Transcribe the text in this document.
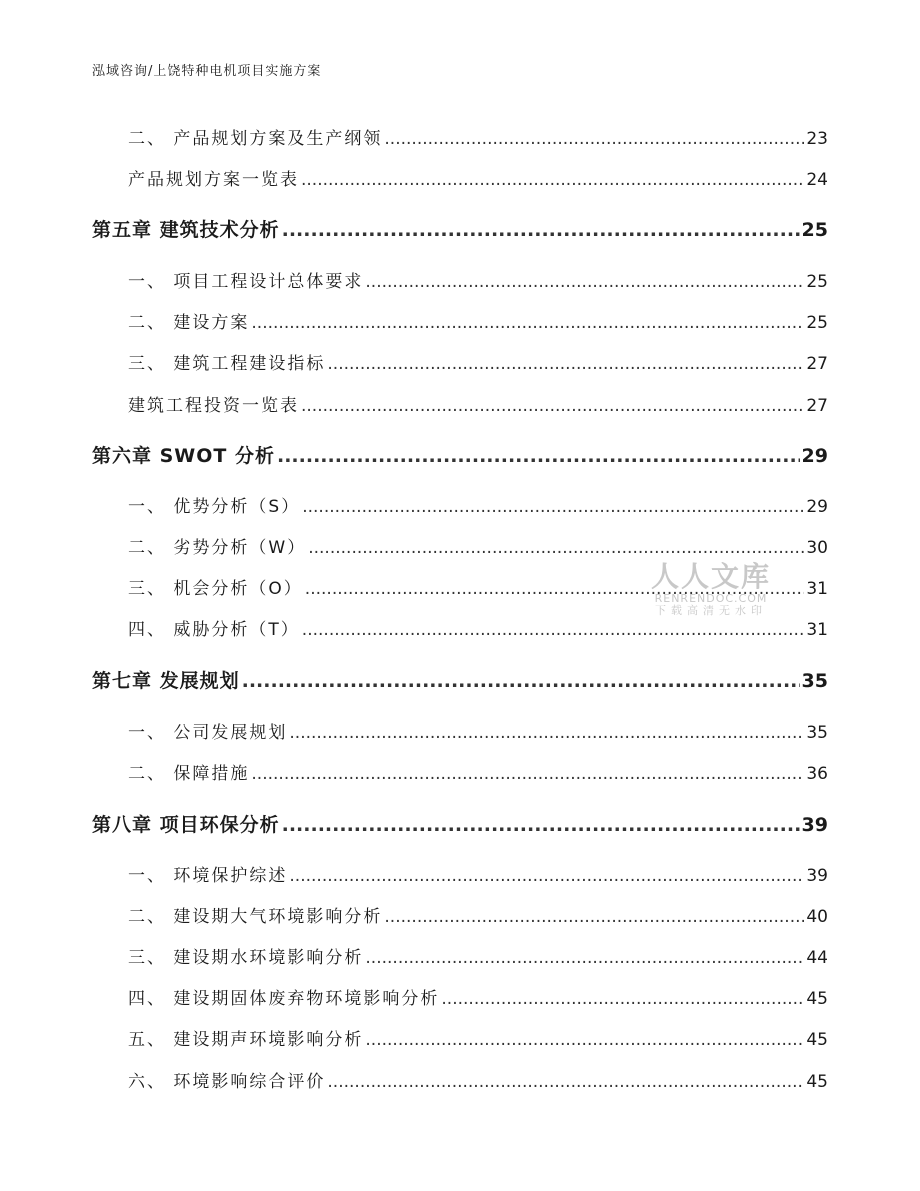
泓域咨询/上饶特种电机项目实施方案
二、 产品规划方案及生产纲领 .....	23
产品规划方案一览表 .....	24
第五章 建筑技术分析 .....	25
一、 项目工程设计总体要求 .....	25
二、 建设方案 .....	25
三、 建筑工程建设指标 .....	27
建筑工程投资一览表 .....	27
第六章 SWOT 分析 .....	29
一、 优势分析（S） .....	29
二、 劣势分析（W） .....	30
三、 机会分析（O） .....	31
四、 威胁分析（T） .....	31
第七章 发展规划 .....	35
一、 公司发展规划 .....	35
二、 保障措施 .....	36
第八章 项目环保分析 .....	39
一、 环境保护综述 .....	39
二、 建设期大气环境影响分析 .....	40
三、 建设期水环境影响分析 .....	44
四、 建设期固体废弃物环境影响分析 .....	45
五、 建设期声环境影响分析 .....	45
六、 环境影响综合评价 .....	45
人人文库
RENRENDOC.COM
下载高清无水印
